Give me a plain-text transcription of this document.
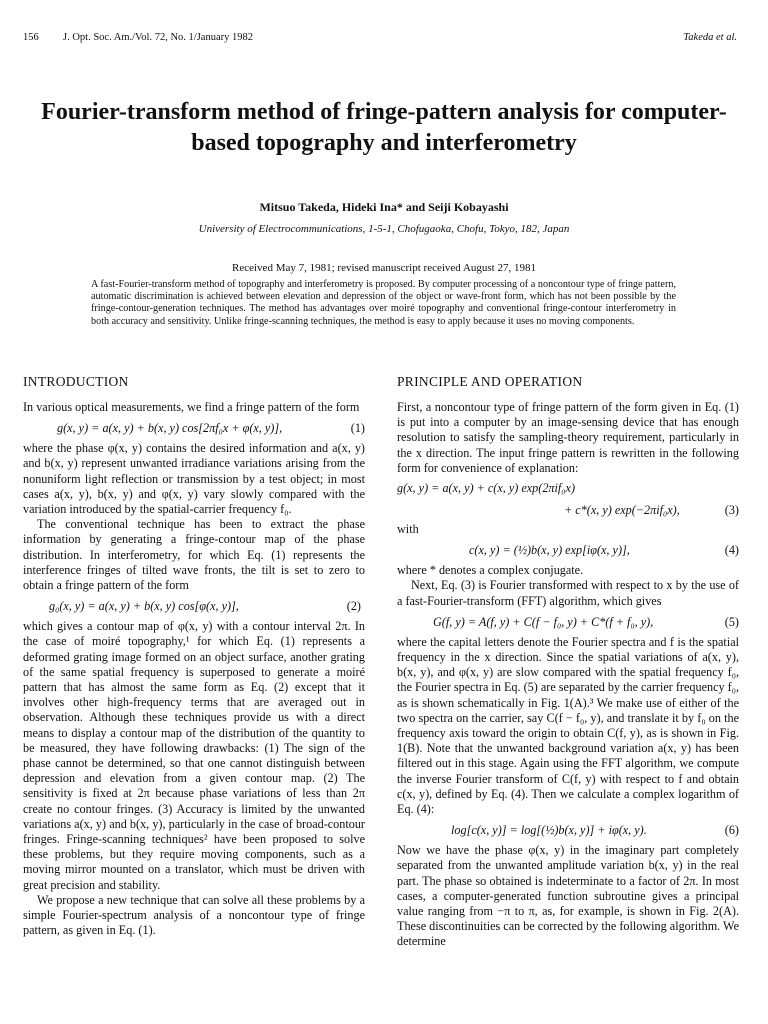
156 J. Opt. Soc. Am./Vol. 72, No. 1/January 1982	Takeda et al.
Fourier-transform method of fringe-pattern analysis for computer-based topography and interferometry
Mitsuo Takeda, Hideki Ina* and Seiji Kobayashi
University of Electrocommunications, 1-5-1, Chofugaoka, Chofu, Tokyo, 182, Japan
Received May 7, 1981; revised manuscript received August 27, 1981
A fast-Fourier-transform method of topography and interferometry is proposed. By computer processing of a noncontour type of fringe pattern, automatic discrimination is achieved between elevation and depression of the object or wave-front form, which has not been possible by the fringe-contour-generation techniques. The method has advantages over moiré topography and conventional fringe-contour interferometry in both accuracy and sensitivity. Unlike fringe-scanning techniques, the method is easy to apply because it uses no moving components.
INTRODUCTION

In various optical measurements, we find a fringe pattern of the form

g(x, y) = a(x, y) + b(x, y) cos[2πf₀x + φ(x, y)],	(1)

where the phase φ(x, y) contains the desired information and a(x, y) and b(x, y) represent unwanted irradiance variations arising from the nonuniform light reflection or transmission by a test object; in most cases a(x, y), b(x, y) and φ(x, y) vary slowly compared with the variation introduced by the spatial-carrier frequency f₀.

The conventional technique has been to extract the phase information by generating a fringe-contour map of the phase distribution. In interferometry, for which Eq. (1) represents the interference fringes of tilted wave fronts, the tilt is set to zero to obtain a fringe pattern of the form

g₀(x, y) = a(x, y) + b(x, y) cos[φ(x, y)],	(2)

which gives a contour map of φ(x, y) with a contour interval 2π. In the case of moiré topography,¹ for which Eq. (1) represents a deformed grating image formed on an object surface, another grating of the same spatial frequency is superposed to generate a moiré pattern that has almost the same form as Eq. (2) except that it involves other high-frequency terms that are averaged out in observation. Although these techniques provide us with a direct means to display a contour map of the distribution of the quantity to be measured, they have following drawbacks: (1) The sign of the phase cannot be determined, so that one cannot distinguish between depression and elevation from a given contour map. (2) The sensitivity is fixed at 2π because phase variations of less than 2π create no contour fringes. (3) Accuracy is limited by the unwanted variations a(x, y) and b(x, y), particularly in the case of broad-contour fringes. Fringe-scanning techniques² have been proposed to solve these problems, but they require moving components, such as a moving mirror mounted on a translator, which must be driven with great precision and stability.

We propose a new technique that can solve all these problems by a simple Fourier-spectrum analysis of a noncontour type of fringe pattern, as given in Eq. (1).

PRINCIPLE AND OPERATION

First, a noncontour type of fringe pattern of the form given in Eq. (1) is put into a computer by an image-sensing device that has enough resolution to satisfy the sampling-theory requirement, particularly in the x direction. The input fringe pattern is rewritten in the following form for convenience of explanation:

g(x, y) = a(x, y) + c(x, y) exp(2πif₀x)
+ c*(x, y) exp(−2πif₀x),	(3)

with

c(x, y) = (½)b(x, y) exp[iφ(x, y)],	(4)

where * denotes a complex conjugate.

Next, Eq. (3) is Fourier transformed with respect to x by the use of a fast-Fourier-transform (FFT) algorithm, which gives

G(f, y) = A(f, y) + C(f − f₀, y) + C*(f + f₀, y),	(5)

where the capital letters denote the Fourier spectra and f is the spatial frequency in the x direction. Since the spatial variations of a(x, y), b(x, y), and φ(x, y) are slow compared with the spatial frequency f₀, the Fourier spectra in Eq. (5) are separated by the carrier frequency f₀, as is shown schematically in Fig. 1(A).³ We make use of either of the two spectra on the carrier, say C(f − f₀, y), and translate it by f₀ on the frequency axis toward the origin to obtain C(f, y), as is shown in Fig. 1(B). Note that the unwanted background variation a(x, y) has been filtered out in this stage. Again using the FFT algorithm, we compute the inverse Fourier transform of C(f, y) with respect to f and obtain c(x, y), defined by Eq. (4). Then we calculate a complex logarithm of Eq. (4):

log[c(x, y)] = log[(½)b(x, y)] + iφ(x, y).	(6)

Now we have the phase φ(x, y) in the imaginary part completely separated from the unwanted amplitude variation b(x, y) in the real part. The phase so obtained is indeterminate to a factor of 2π. In most cases, a computer-generated function subroutine gives a principal value ranging from −π to π, as, for example, is shown in Fig. 2(A). These discontinuities can be corrected by the following algorithm. We determine
